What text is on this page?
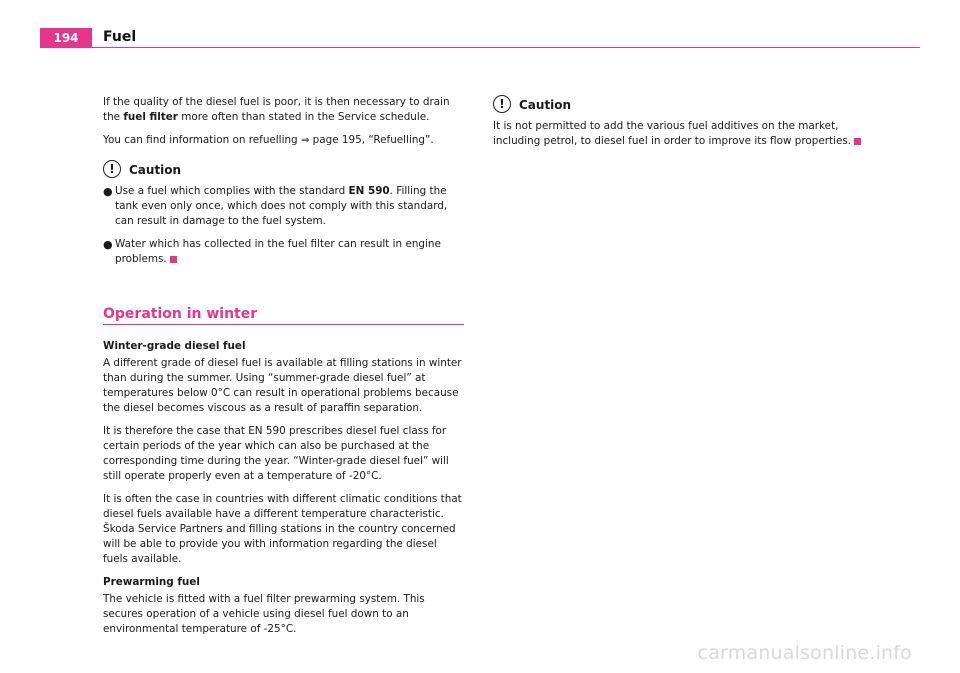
194	Fuel

If the quality of the diesel fuel is poor, it is then necessary to drain the fuel filter more often than stated in the Service schedule.

You can find information on refuelling ⇒ page 195, “Refuelling”.

!	Caution
● Use a fuel which complies with the standard EN 590. Filling the tank even only once, which does not comply with this standard, can result in damage to the fuel system.
● Water which has collected in the fuel filter can result in engine problems.
Operation in winter
Winter-grade diesel fuel

A different grade of diesel fuel is available at filling stations in winter than during the summer. Using “summer-grade diesel fuel” at temperatures below 0°C can result in operational problems because the diesel becomes viscous as a result of paraffin separation.

It is therefore the case that EN 590 prescribes diesel fuel class for certain periods of the year which can also be purchased at the corresponding time during the year. “Winter-grade diesel fuel” will still operate properly even at a temperature of -20°C.

It is often the case in countries with different climatic conditions that diesel fuels available have a different temperature characteristic. Škoda Service Partners and filling stations in the country concerned will be able to provide you with information regarding the diesel fuels available.

Prewarming fuel

The vehicle is fitted with a fuel filter prewarming system. This secures operation of a vehicle using diesel fuel down to an environmental temperature of -25°C.

!	Caution

It is not permitted to add the various fuel additives on the market, including petrol, to diesel fuel in order to improve its flow properties.

carmanualsonline.info
